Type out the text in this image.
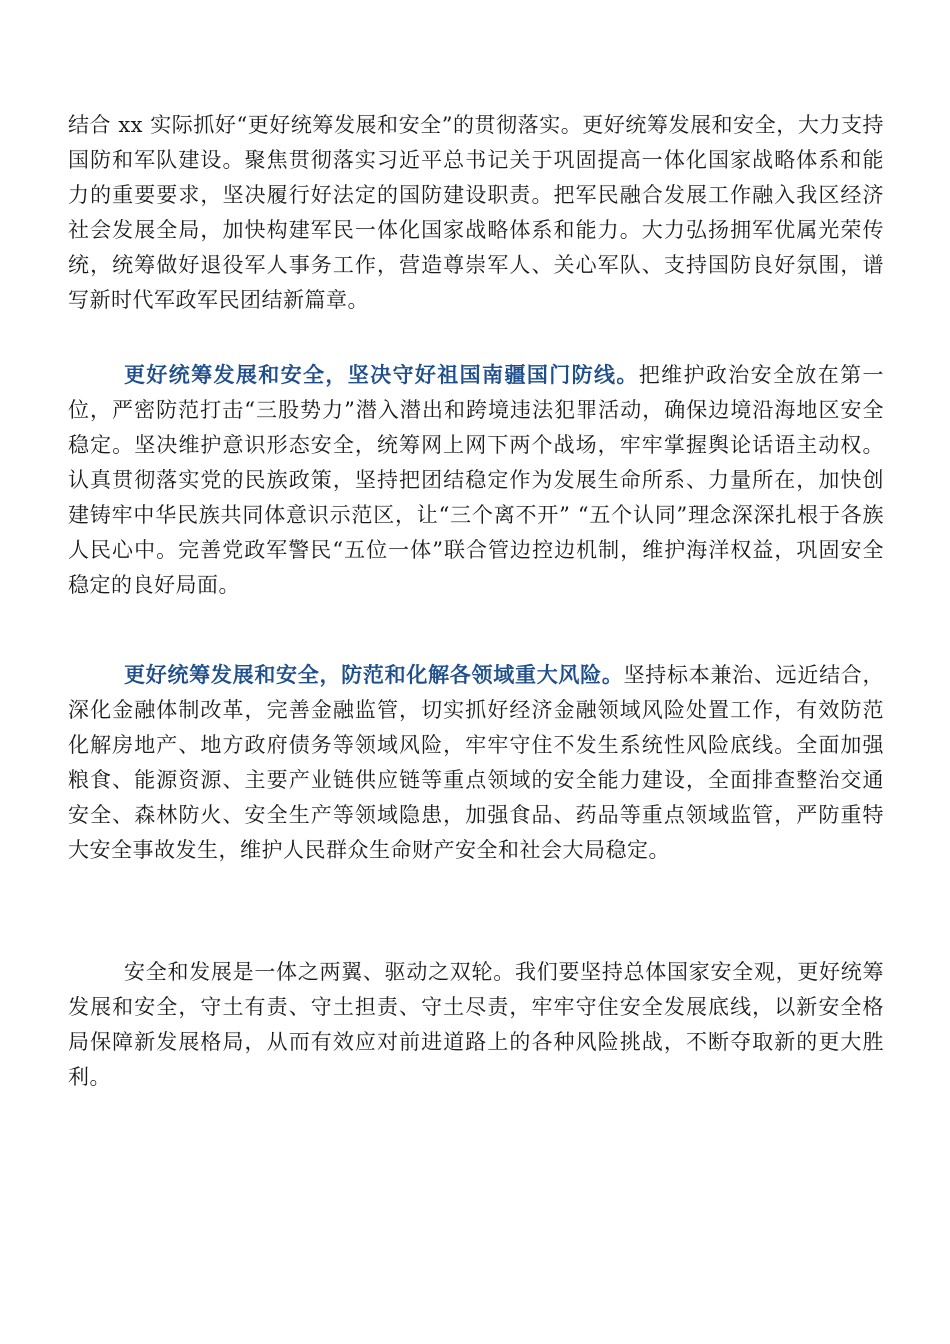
结合 xx 实际抓好“更好统筹发展和安全”的贯彻落实。更好统筹发展和安全，大力支持国防和军队建设。聚焦贯彻落实习近平总书记关于巩固提高一体化国家战略体系和能力的重要要求，坚决履行好法定的国防建设职责。把军民融合发展工作融入我区经济社会发展全局，加快构建军民一体化国家战略体系和能力。大力弘扬拥军优属光荣传统，统筹做好退役军人事务工作，营造尊崇军人、关心军队、支持国防良好氛围，谱写新时代军政军民团结新篇章。

更好统筹发展和安全，坚决守好祖国南疆国门防线。把维护政治安全放在第一位，严密防范打击“三股势力”潜入潜出和跨境违法犯罪活动，确保边境沿海地区安全稳定。坚决维护意识形态安全，统筹网上网下两个战场，牢牢掌握舆论话语主动权。认真贯彻落实党的民族政策，坚持把团结稳定作为发展生命所系、力量所在，加快创建铸牢中华民族共同体意识示范区，让“三个离不开” “五个认同”理念深深扎根于各族人民心中。完善党政军警民“五位一体”联合管边控边机制，维护海洋权益，巩固安全稳定的良好局面。

更好统筹发展和安全，防范和化解各领域重大风险。坚持标本兼治、远近结合，深化金融体制改革，完善金融监管，切实抓好经济金融领域风险处置工作，有效防范化解房地产、地方政府债务等领域风险，牢牢守住不发生系统性风险底线。全面加强粮食、能源资源、主要产业链供应链等重点领域的安全能力建设，全面排查整治交通安全、森林防火、安全生产等领域隐患，加强食品、药品等重点领域监管，严防重特大安全事故发生，维护人民群众生命财产安全和社会大局稳定。

安全和发展是一体之两翼、驱动之双轮。我们要坚持总体国家安全观，更好统筹发展和安全，守土有责、守土担责、守土尽责，牢牢守住安全发展底线，以新安全格局保障新发展格局，从而有效应对前进道路上的各种风险挑战，不断夺取新的更大胜利。
